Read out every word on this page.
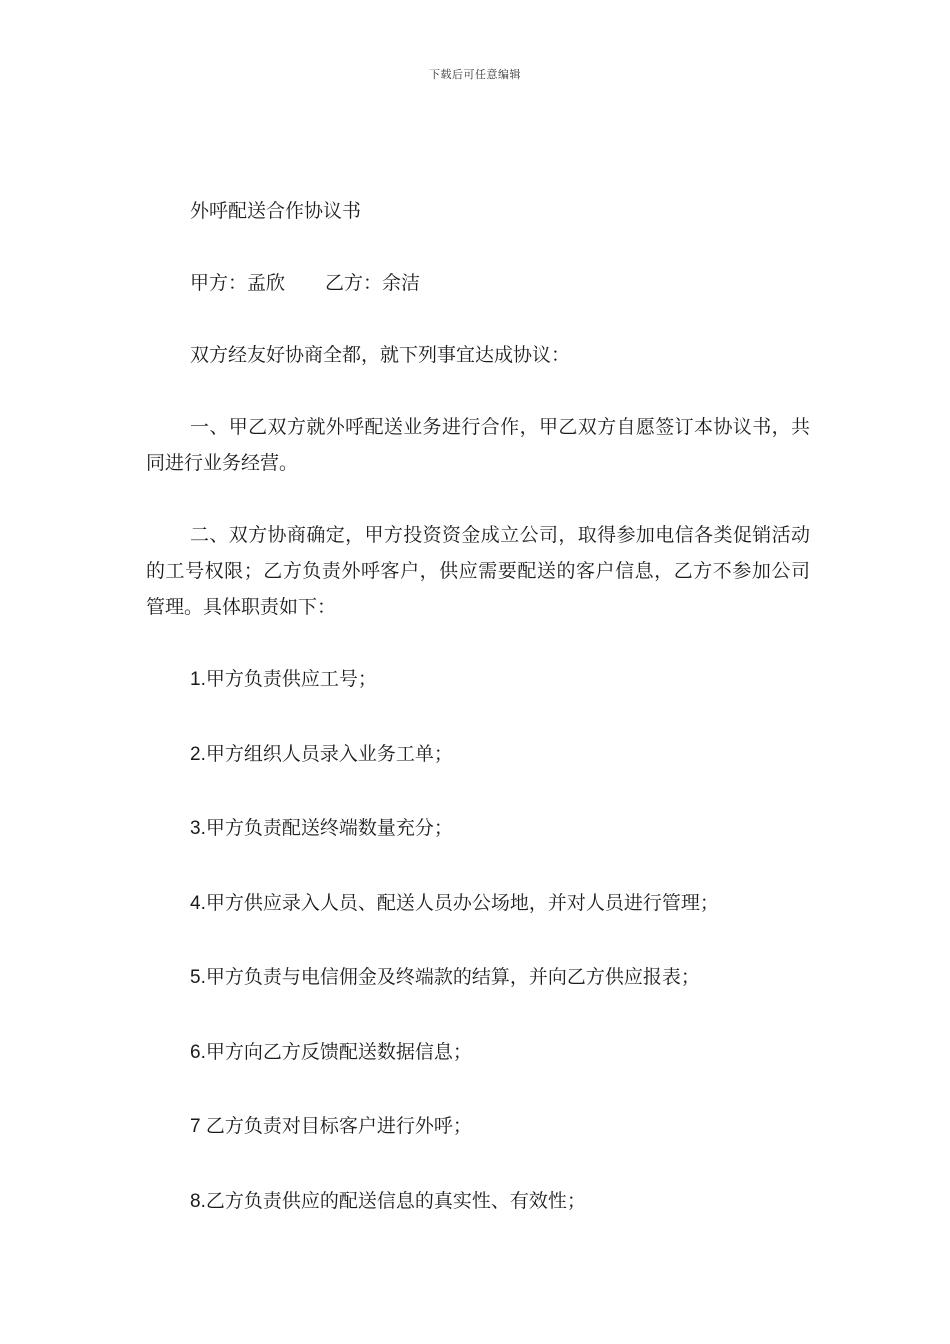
下载后可任意编辑

外呼配送合作协议书

甲方：孟欣 乙方：余洁

双方经友好协商全都，就下列事宜达成协议：

一、甲乙双方就外呼配送业务进行合作，甲乙双方自愿签订本协议书，共同进行业务经营。

二、双方协商确定，甲方投资资金成立公司，取得参加电信各类促销活动的工号权限；乙方负责外呼客户，供应需要配送的客户信息，乙方不参加公司管理。具体职责如下：

1.甲方负责供应工号；

2.甲方组织人员录入业务工单；

3.甲方负责配送终端数量充分；

4.甲方供应录入人员、配送人员办公场地，并对人员进行管理；

5.甲方负责与电信佣金及终端款的结算，并向乙方供应报表；

6.甲方向乙方反馈配送数据信息；

7 乙方负责对目标客户进行外呼；

8.乙方负责供应的配送信息的真实性、有效性；
